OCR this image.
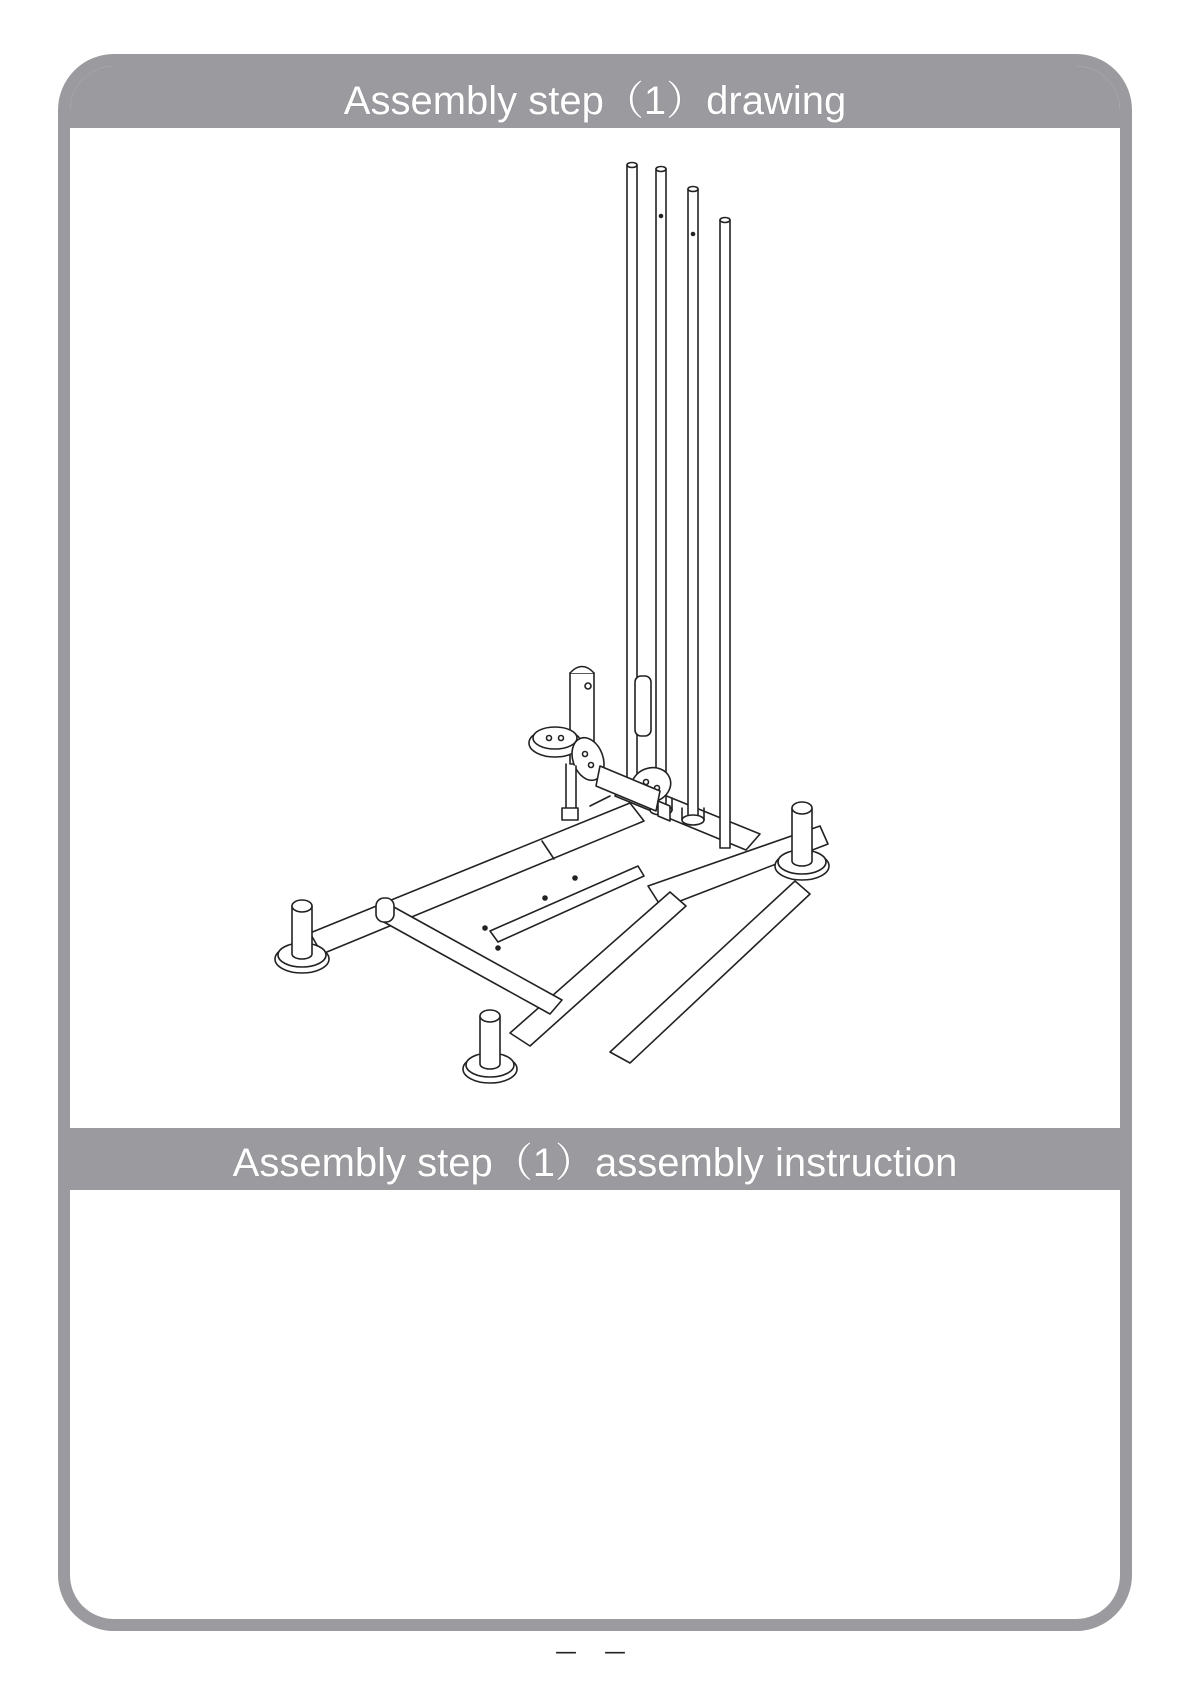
Assembly step（1）drawing
Assembly step（1）assembly instruction
— —
